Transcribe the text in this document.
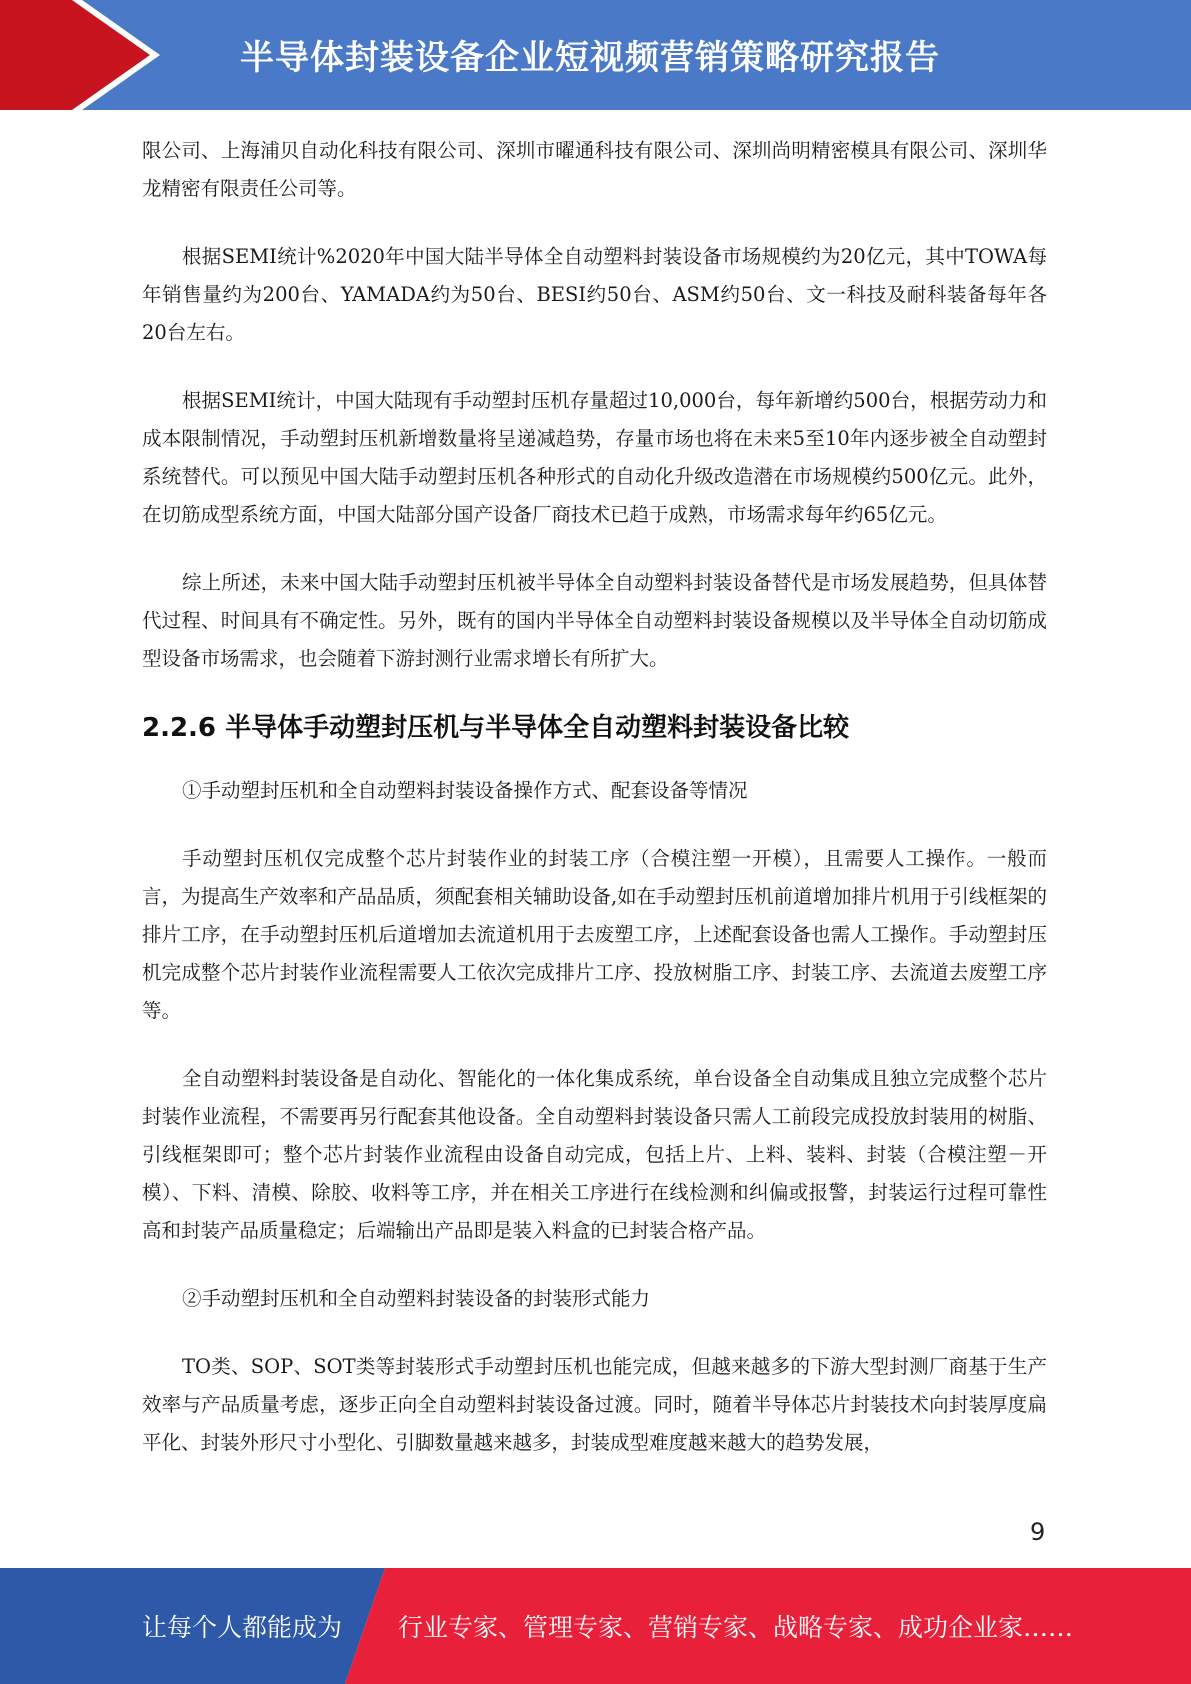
半导体封装设备企业短视频营销策略研究报告

限公司、上海浦贝自动化科技有限公司、深圳市曜通科技有限公司、深圳尚明精密模具有限公司、深圳华龙精密有限责任公司等。

根据SEMI统计%2020年中国大陆半导体全自动塑料封装设备市场规模约为20亿元，其中TOWA每年销售量约为200台、YAMADA约为50台、BESI约50台、ASM约50台、文一科技及耐科装备每年各20台左右。

根据SEMI统计，中国大陆现有手动塑封压机存量超过10,000台，每年新增约500台，根据劳动力和成本限制情况，手动塑封压机新增数量将呈递减趋势，存量市场也将在未来5至10年内逐步被全自动塑封系统替代。可以预见中国大陆手动塑封压机各种形式的自动化升级改造潜在市场规模约500亿元。此外，在切筋成型系统方面，中国大陆部分国产设备厂商技术已趋于成熟，市场需求每年约65亿元。

综上所述，未来中国大陆手动塑封压机被半导体全自动塑料封装设备替代是市场发展趋势，但具体替代过程、时间具有不确定性。另外，既有的国内半导体全自动塑料封装设备规模以及半导体全自动切筋成型设备市场需求，也会随着下游封测行业需求增长有所扩大。

2.2.6 半导体手动塑封压机与半导体全自动塑料封装设备比较

①手动塑封压机和全自动塑料封装设备操作方式、配套设备等情况

手动塑封压机仅完成整个芯片封装作业的封装工序（合模注塑一开模），且需要人工操作。一般而言，为提高生产效率和产品品质，须配套相关辅助设备,如在手动塑封压机前道增加排片机用于引线框架的排片工序，在手动塑封压机后道增加去流道机用于去废塑工序，上述配套设备也需人工操作。手动塑封压机完成整个芯片封装作业流程需要人工依次完成排片工序、投放树脂工序、封装工序、去流道去废塑工序等。

全自动塑料封装设备是自动化、智能化的一体化集成系统，单台设备全自动集成且独立完成整个芯片封装作业流程，不需要再另行配套其他设备。全自动塑料封装设备只需人工前段完成投放封装用的树脂、引线框架即可；整个芯片封装作业流程由设备自动完成，包括上片、上料、装料、封装（合模注塑－开模）、下料、清模、除胶、收料等工序，并在相关工序进行在线检测和纠偏或报警，封装运行过程可靠性高和封装产品质量稳定；后端输出产品即是装入料盒的已封装合格产品。

②手动塑封压机和全自动塑料封装设备的封装形式能力

TO类、SOP、SOT类等封装形式手动塑封压机也能完成，但越来越多的下游大型封测厂商基于生产效率与产品质量考虑，逐步正向全自动塑料封装设备过渡。同时，随着半导体芯片封装技术向封装厚度扁平化、封装外形尺寸小型化、引脚数量越来越多，封装成型难度越来越大的趋势发展，

9
让每个人都能成为 行业专家、管理专家、营销专家、战略专家、成功企业家……
